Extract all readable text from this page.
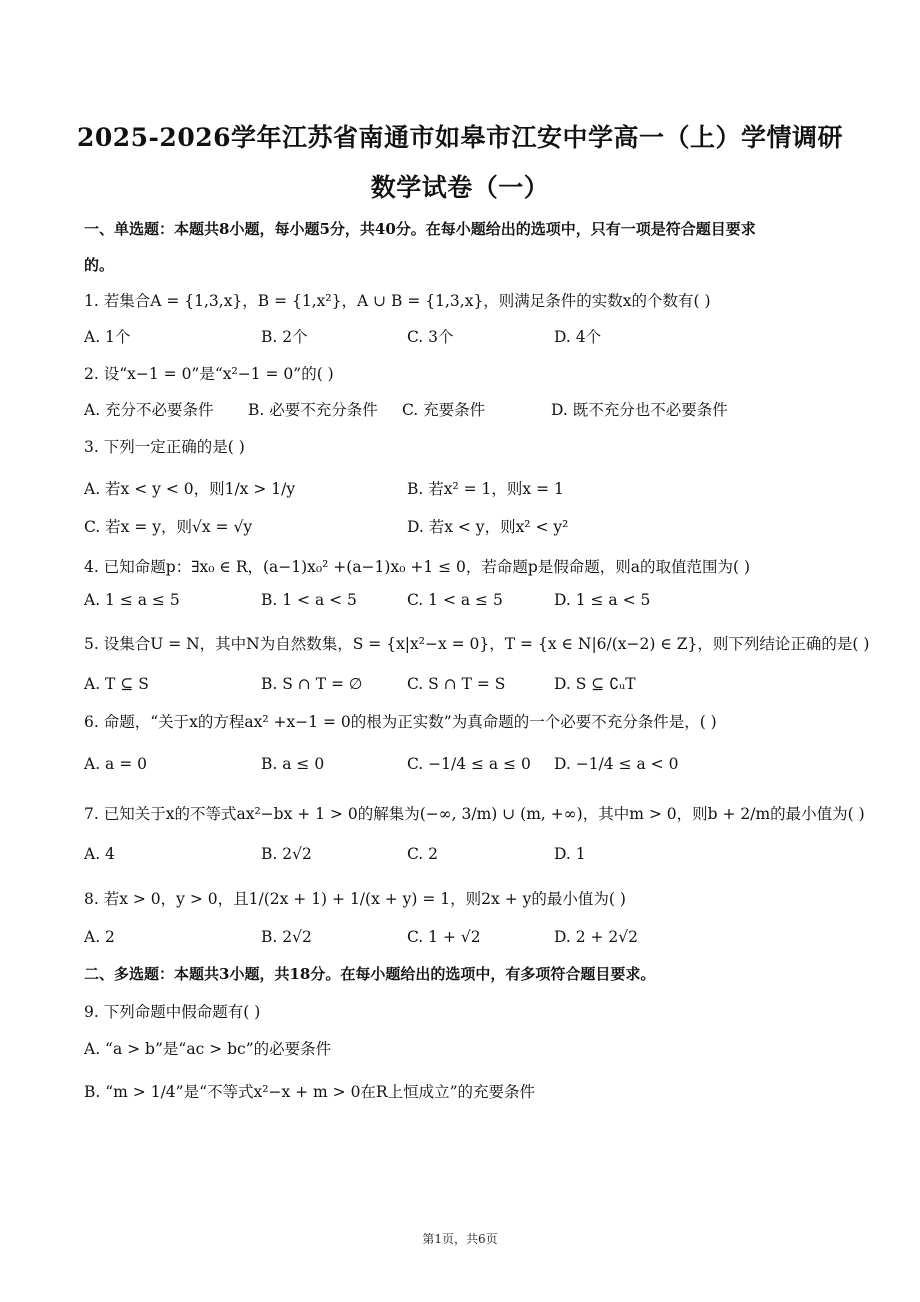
2025-2026学年江苏省南通市如皋市江安中学高一（上）学情调研
数学试卷（一）
一、单选题：本题共8小题，每小题5分，共40分。在每小题给出的选项中，只有一项是符合题目要求
的。
1. 若集合A = {1,3,x}，B = {1,x²}，A ∪ B = {1,3,x}，则满足条件的实数x的个数有( )
A. 1个	B. 2个	C. 3个	D. 4个
2. 设“x−1 = 0”是“x²−1 = 0”的( )
A. 充分不必要条件 B. 必要不充分条件 C. 充要条件	D. 既不充分也不必要条件
3. 下列一定正确的是( )
A. 若x < y < 0，则1/x > 1/y	B. 若x² = 1，则x = 1
C. 若x = y，则√x = √y	D. 若x < y，则x² < y²
4. 已知命题p：∃x₀ ∈ R，(a−1)x₀² +(a−1)x₀ +1 ≤ 0，若命题p是假命题，则a的取值范围为( )
A. 1 ≤ a ≤ 5	B. 1 < a < 5	C. 1 < a ≤ 5	D. 1 ≤ a < 5
5. 设集合U = N，其中N为自然数集，S = {x|x²−x = 0}，T = {x ∈ N|6/(x−2) ∈ Z}，则下列结论正确的是( )
A. T ⊆ S	B. S ∩ T = ∅	C. S ∩ T = S	D. S ⊆ ∁ᵤT
6. 命题，“关于x的方程ax² +x−1 = 0的根为正实数”为真命题的一个必要不充分条件是，( )
A. a = 0	B. a ≤ 0	C. −1/4 ≤ a ≤ 0 D. −1/4 ≤ a < 0
7. 已知关于x的不等式ax²−bx + 1 > 0的解集为(−∞, 3/m) ∪ (m, +∞)，其中m > 0，则b + 2/m的最小值为( )
A. 4	B. 2√2	C. 2	D. 1
8. 若x > 0，y > 0，且1/(2x + 1) + 1/(x + y) = 1，则2x + y的最小值为( )
A. 2	B. 2√2	C. 1 + √2	D. 2 + 2√2
二、多选题：本题共3小题，共18分。在每小题给出的选项中，有多项符合题目要求。
9. 下列命题中假命题有( )
A. “a > b”是“ac > bc”的必要条件
B. “m > 1/4”是“不等式x²−x + m > 0在R上恒成立”的充要条件
第1页，共6页
